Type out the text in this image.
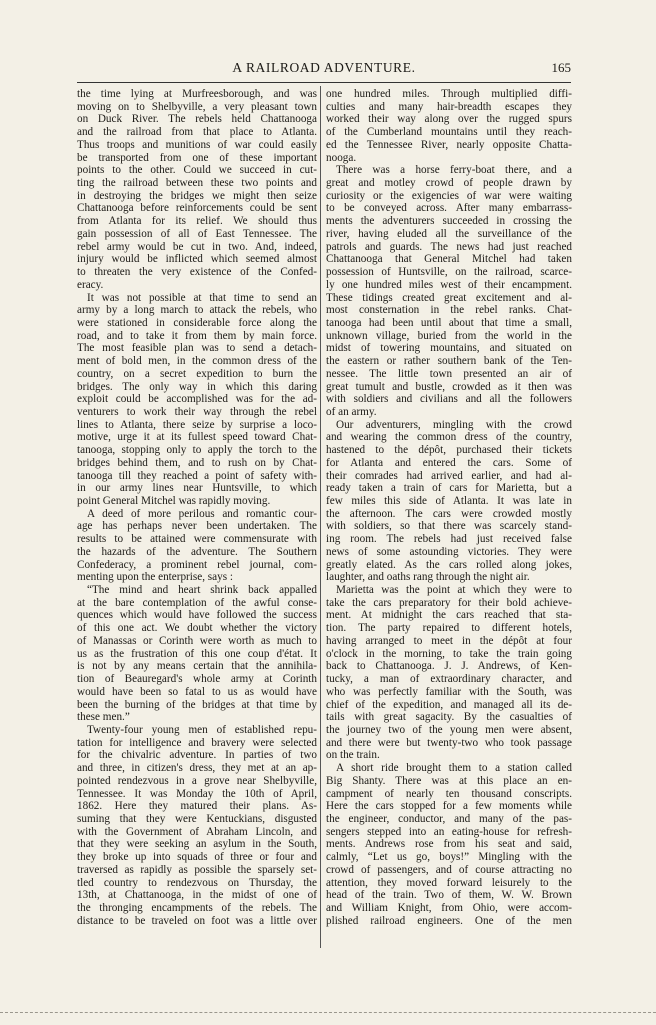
A RAILROAD ADVENTURE.	165
the time lying at Murfreesborough, and was
moving on to Shelbyville, a very pleasant town
on Duck River. The rebels held Chattanooga
and the railroad from that place to Atlanta.
Thus troops and munitions of war could easily
be transported from one of these important
points to the other. Could we succeed in cut-
ting the railroad between these two points and
in destroying the bridges we might then seize
Chattanooga before reinforcements could be sent
from Atlanta for its relief. We should thus
gain possession of all of East Tennessee. The
rebel army would be cut in two. And, indeed,
injury would be inflicted which seemed almost
to threaten the very existence of the Confed-
eracy.
It was not possible at that time to send an
army by a long march to attack the rebels, who
were stationed in considerable force along the
road, and to take it from them by main force.
The most feasible plan was to send a detach-
ment of bold men, in the common dress of the
country, on a secret expedition to burn the
bridges. The only way in which this daring
exploit could be accomplished was for the ad-
venturers to work their way through the rebel
lines to Atlanta, there seize by surprise a loco-
motive, urge it at its fullest speed toward Chat-
tanooga, stopping only to apply the torch to the
bridges behind them, and to rush on by Chat-
tanooga till they reached a point of safety with-
in our army lines near Huntsville, to which
point General Mitchel was rapidly moving.
A deed of more perilous and romantic cour-
age has perhaps never been undertaken. The
results to be attained were commensurate with
the hazards of the adventure. The Southern
Confederacy, a prominent rebel journal, com-
menting upon the enterprise, says :
“The mind and heart shrink back appalled
at the bare contemplation of the awful conse-
quences which would have followed the success
of this one act. We doubt whether the victory
of Manassas or Corinth were worth as much to
us as the frustration of this one coup d'état. It
is not by any means certain that the annihila-
tion of Beauregard's whole army at Corinth
would have been so fatal to us as would have
been the burning of the bridges at that time by
these men.”
Twenty-four young men of established repu-
tation for intelligence and bravery were selected
for the chivalric adventure. In parties of two
and three, in citizen's dress, they met at an ap-
pointed rendezvous in a grove near Shelbyville,
Tennessee. It was Monday the 10th of April,
1862. Here they matured their plans. As-
suming that they were Kentuckians, disgusted
with the Government of Abraham Lincoln, and
that they were seeking an asylum in the South,
they broke up into squads of three or four and
traversed as rapidly as possible the sparsely set-
tled country to rendezvous on Thursday, the
13th, at Chattanooga, in the midst of one of
the thronging encampments of the rebels. The
distance to be traveled on foot was a little over
one hundred miles. Through multiplied diffi-
culties and many hair-breadth escapes they
worked their way along over the rugged spurs
of the Cumberland mountains until they reach-
ed the Tennessee River, nearly opposite Chatta-
nooga.
There was a horse ferry-boat there, and a
great and motley crowd of people drawn by
curiosity or the exigencies of war were waiting
to be conveyed across. After many embarrass-
ments the adventurers succeeded in crossing the
river, having eluded all the surveillance of the
patrols and guards. The news had just reached
Chattanooga that General Mitchel had taken
possession of Huntsville, on the railroad, scarce-
ly one hundred miles west of their encampment.
These tidings created great excitement and al-
most consternation in the rebel ranks. Chat-
tanooga had been until about that time a small,
unknown village, buried from the world in the
midst of towering mountains, and situated on
the eastern or rather southern bank of the Ten-
nessee. The little town presented an air of
great tumult and bustle, crowded as it then was
with soldiers and civilians and all the followers
of an army.
Our adventurers, mingling with the crowd
and wearing the common dress of the country,
hastened to the dépôt, purchased their tickets
for Atlanta and entered the cars. Some of
their comrades had arrived earlier, and had al-
ready taken a train of cars for Marietta, but a
few miles this side of Atlanta. It was late in
the afternoon. The cars were crowded mostly
with soldiers, so that there was scarcely stand-
ing room. The rebels had just received false
news of some astounding victories. They were
greatly elated. As the cars rolled along jokes,
laughter, and oaths rang through the night air.
Marietta was the point at which they were to
take the cars preparatory for their bold achieve-
ment. At midnight the cars reached that sta-
tion. The party repaired to different hotels,
having arranged to meet in the dépôt at four
o'clock in the morning, to take the train going
back to Chattanooga. J. J. Andrews, of Ken-
tucky, a man of extraordinary character, and
who was perfectly familiar with the South, was
chief of the expedition, and managed all its de-
tails with great sagacity. By the casualties of
the journey two of the young men were absent,
and there were but twenty-two who took passage
on the train.
A short ride brought them to a station called
Big Shanty. There was at this place an en-
campment of nearly ten thousand conscripts.
Here the cars stopped for a few moments while
the engineer, conductor, and many of the pas-
sengers stepped into an eating-house for refresh-
ments. Andrews rose from his seat and said,
calmly, “Let us go, boys!” Mingling with the
crowd of passengers, and of course attracting no
attention, they moved forward leisurely to the
head of the train. Two of them, W. W. Brown
and William Knight, from Ohio, were accom-
plished railroad engineers. One of the men
